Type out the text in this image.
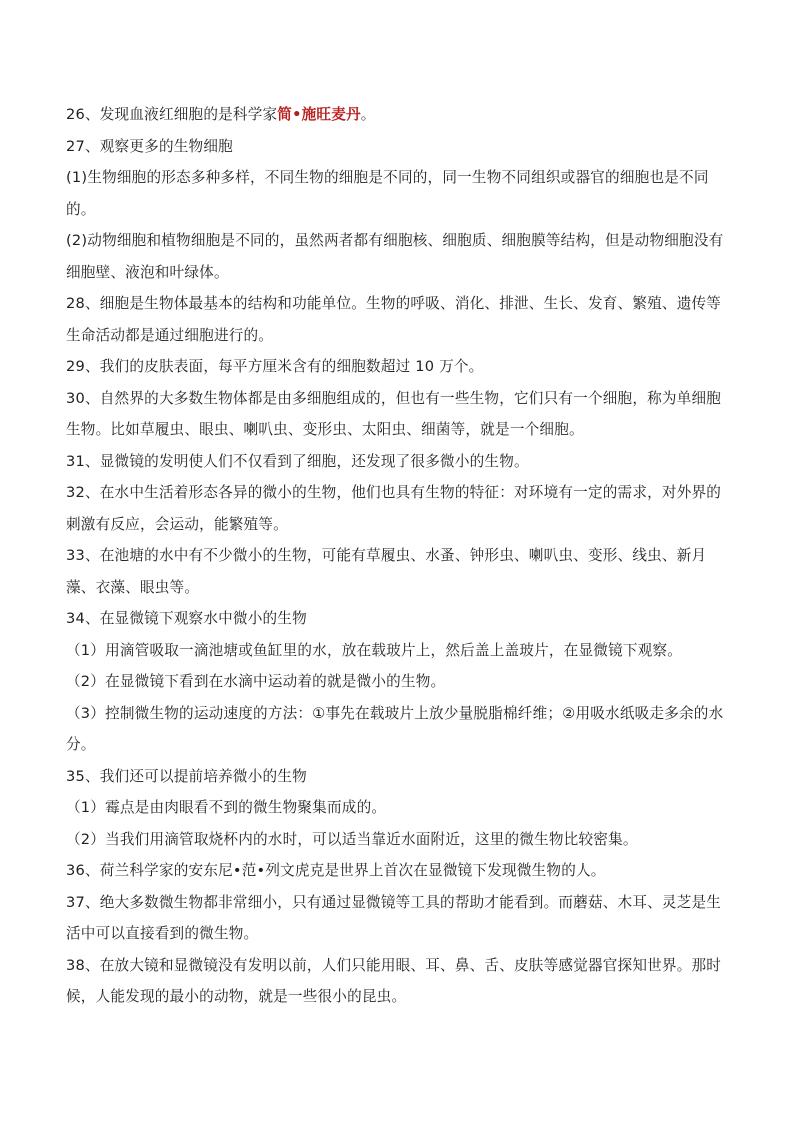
26、发现血液红细胞的是科学家简•施旺麦丹。

27、观察更多的生物细胞

(1)生物细胞的形态多种多样，不同生物的细胞是不同的，同一生物不同组织或器官的细胞也是不同的。

(2)动物细胞和植物细胞是不同的，虽然两者都有细胞核、细胞质、细胞膜等结构，但是动物细胞没有细胞壁、液泡和叶绿体。

28、细胞是生物体最基本的结构和功能单位。生物的呼吸、消化、排泄、生长、发育、繁殖、遗传等生命活动都是通过细胞进行的。

29、我们的皮肤表面，每平方厘米含有的细胞数超过 10 万个。

30、自然界的大多数生物体都是由多细胞组成的，但也有一些生物，它们只有一个细胞，称为单细胞生物。比如草履虫、眼虫、喇叭虫、变形虫、太阳虫、细菌等，就是一个细胞。

31、显微镜的发明使人们不仅看到了细胞，还发现了很多微小的生物。

32、在水中生活着形态各异的微小的生物，他们也具有生物的特征：对环境有一定的需求，对外界的刺激有反应，会运动，能繁殖等。

33、在池塘的水中有不少微小的生物，可能有草履虫、水蚤、钟形虫、喇叭虫、变形、线虫、新月藻、衣藻、眼虫等。

34、在显微镜下观察水中微小的生物

（1）用滴管吸取一滴池塘或鱼缸里的水，放在载玻片上，然后盖上盖玻片，在显微镜下观察。

（2）在显微镜下看到在水滴中运动着的就是微小的生物。

（3）控制微生物的运动速度的方法：①事先在载玻片上放少量脱脂棉纤维；②用吸水纸吸走多余的水分。

35、我们还可以提前培养微小的生物

（1）霉点是由肉眼看不到的微生物聚集而成的。

（2）当我们用滴管取烧杯内的水时，可以适当靠近水面附近，这里的微生物比较密集。

36、荷兰科学家的安东尼•范•列文虎克是世界上首次在显微镜下发现微生物的人。

37、绝大多数微生物都非常细小，只有通过显微镜等工具的帮助才能看到。而蘑菇、木耳、灵芝是生活中可以直接看到的微生物。

38、在放大镜和显微镜没有发明以前，人们只能用眼、耳、鼻、舌、皮肤等感觉器官探知世界。那时候，人能发现的最小的动物，就是一些很小的昆虫。
